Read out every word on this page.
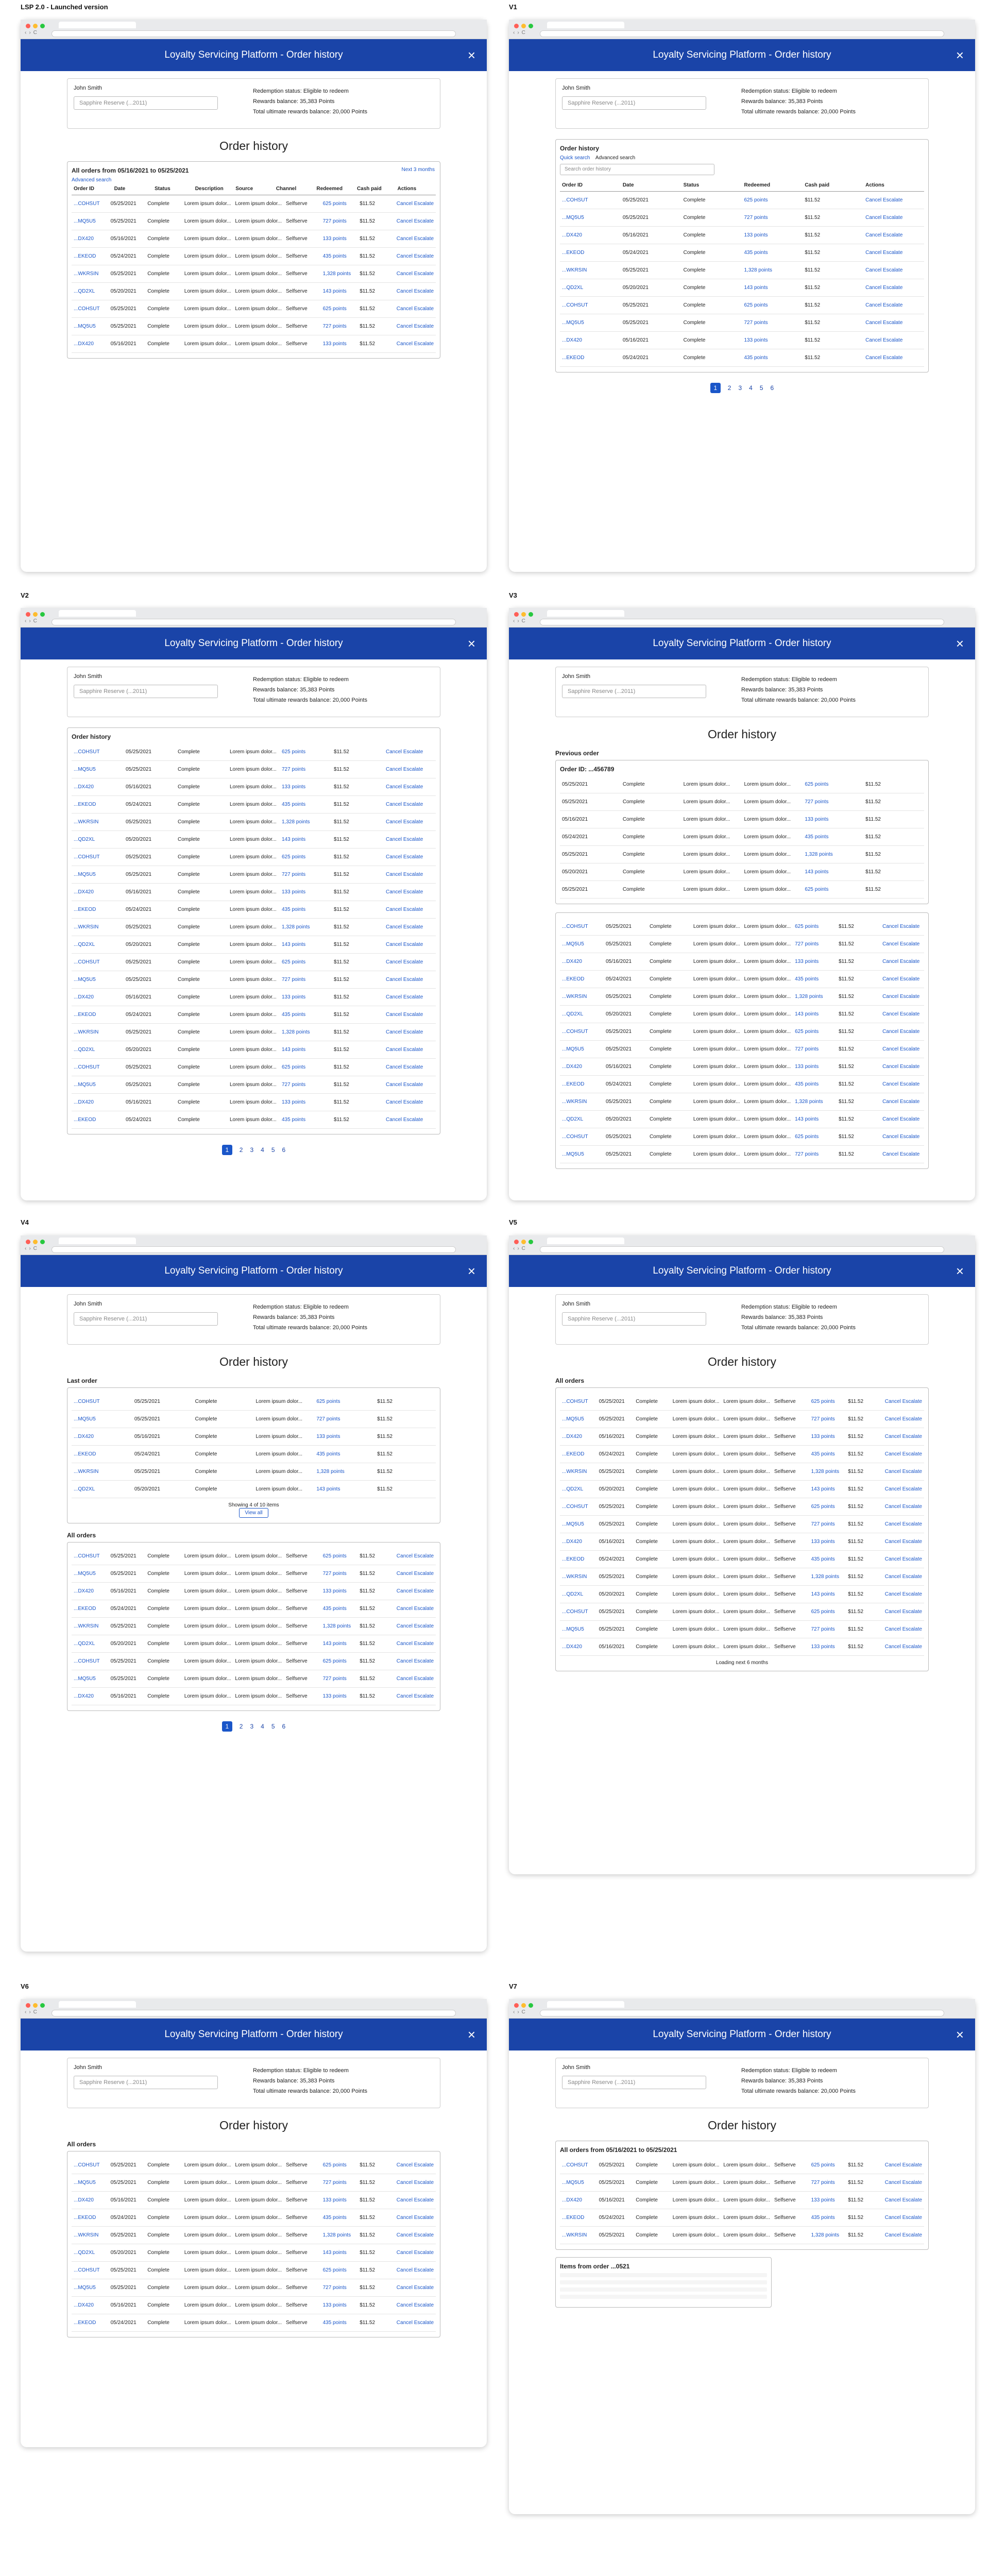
LSP 2.0 - Launched version	V1
V2	V3
V4	V5
V6	V7
‹›C
Loyalty Servicing Platform - Order history	×
John Smith
Sapphire Reserve (...2011)
Redemption status: Eligible to redeem
Rewards balance: 35,383 Points
Total ultimate rewards balance: 20,000 Points
Order history
All orders from 05/16/2021 to 05/25/2021
Advanced search
Next 3 months
Order ID	Date	Status	Description	Source	Channel	Redeemed	Cash paid	Actions
...COHSUT	05/25/2021	Complete	Lorem ipsum dolor... Lorem ipsum dolor... Selfserve	625 points	$11.52	Cancel Escalate
...MQ5U5	05/25/2021	Complete	Lorem ipsum dolor... Lorem ipsum dolor... Selfserve	727 points	$11.52	Cancel Escalate
...DX420	05/16/2021	Complete	Lorem ipsum dolor... Lorem ipsum dolor... Selfserve	133 points	$11.52	Cancel Escalate
...EKEOD	05/24/2021	Complete	Lorem ipsum dolor... Lorem ipsum dolor... Selfserve	435 points	$11.52	Cancel Escalate
...WKRSIN	05/25/2021	Complete	Lorem ipsum dolor... Lorem ipsum dolor... Selfserve	1,328 points	$11.52	Cancel Escalate
...QD2XL	05/20/2021	Complete	Lorem ipsum dolor... Lorem ipsum dolor... Selfserve	143 points	$11.52	Cancel Escalate
...COHSUT	05/25/2021	Complete	Lorem ipsum dolor... Lorem ipsum dolor... Selfserve	625 points	$11.52	Cancel Escalate
...MQ5U5	05/25/2021	Complete	Lorem ipsum dolor... Lorem ipsum dolor... Selfserve	727 points	$11.52	Cancel Escalate
...DX420	05/16/2021	Complete	Lorem ipsum dolor... Lorem ipsum dolor... Selfserve	133 points	$11.52	Cancel Escalate
‹›C
Loyalty Servicing Platform - Order history	×
John Smith
Sapphire Reserve (...2011)
Redemption status: Eligible to redeem
Rewards balance: 35,383 Points
Total ultimate rewards balance: 20,000 Points
Order history
Quick search Advanced search
Search order history
Order ID	Date	Status	Redeemed	Cash paid	Actions
...COHSUT	05/25/2021	Complete	625 points	$11.52	Cancel Escalate
...MQ5U5	05/25/2021	Complete	727 points	$11.52	Cancel Escalate
...DX420	05/16/2021	Complete	133 points	$11.52	Cancel Escalate
...EKEOD	05/24/2021	Complete	435 points	$11.52	Cancel Escalate
...WKRSIN	05/25/2021	Complete	1,328 points	$11.52	Cancel Escalate
...QD2XL	05/20/2021	Complete	143 points	$11.52	Cancel Escalate
...COHSUT	05/25/2021	Complete	625 points	$11.52	Cancel Escalate
...MQ5U5	05/25/2021	Complete	727 points	$11.52	Cancel Escalate
...DX420	05/16/2021	Complete	133 points	$11.52	Cancel Escalate
...EKEOD	05/24/2021	Complete	435 points	$11.52	Cancel Escalate
1	2 3 4 5 6
‹›C
Loyalty Servicing Platform - Order history	×
John Smith
Sapphire Reserve (...2011)
Redemption status: Eligible to redeem
Rewards balance: 35,383 Points
Total ultimate rewards balance: 20,000 Points
Order history
...COHSUT	05/25/2021	Complete	Lorem ipsum dolor...	625 points	$11.52	Cancel Escalate
...MQ5U5	05/25/2021	Complete	Lorem ipsum dolor...	727 points	$11.52	Cancel Escalate
...DX420	05/16/2021	Complete	Lorem ipsum dolor...	133 points	$11.52	Cancel Escalate
...EKEOD	05/24/2021	Complete	Lorem ipsum dolor...	435 points	$11.52	Cancel Escalate
...WKRSIN	05/25/2021	Complete	Lorem ipsum dolor...	1,328 points	$11.52	Cancel Escalate
...QD2XL	05/20/2021	Complete	Lorem ipsum dolor...	143 points	$11.52	Cancel Escalate
...COHSUT	05/25/2021	Complete	Lorem ipsum dolor...	625 points	$11.52	Cancel Escalate
...MQ5U5	05/25/2021	Complete	Lorem ipsum dolor...	727 points	$11.52	Cancel Escalate
...DX420	05/16/2021	Complete	Lorem ipsum dolor...	133 points	$11.52	Cancel Escalate
...EKEOD	05/24/2021	Complete	Lorem ipsum dolor...	435 points	$11.52	Cancel Escalate
...WKRSIN	05/25/2021	Complete	Lorem ipsum dolor...	1,328 points	$11.52	Cancel Escalate
...QD2XL	05/20/2021	Complete	Lorem ipsum dolor...	143 points	$11.52	Cancel Escalate
...COHSUT	05/25/2021	Complete	Lorem ipsum dolor...	625 points	$11.52	Cancel Escalate
...MQ5U5	05/25/2021	Complete	Lorem ipsum dolor...	727 points	$11.52	Cancel Escalate
...DX420	05/16/2021	Complete	Lorem ipsum dolor...	133 points	$11.52	Cancel Escalate
...EKEOD	05/24/2021	Complete	Lorem ipsum dolor...	435 points	$11.52	Cancel Escalate
...WKRSIN	05/25/2021	Complete	Lorem ipsum dolor...	1,328 points	$11.52	Cancel Escalate
...QD2XL	05/20/2021	Complete	Lorem ipsum dolor...	143 points	$11.52	Cancel Escalate
...COHSUT	05/25/2021	Complete	Lorem ipsum dolor...	625 points	$11.52	Cancel Escalate
...MQ5U5	05/25/2021	Complete	Lorem ipsum dolor...	727 points	$11.52	Cancel Escalate
...DX420	05/16/2021	Complete	Lorem ipsum dolor...	133 points	$11.52	Cancel Escalate
...EKEOD	05/24/2021	Complete	Lorem ipsum dolor...	435 points	$11.52	Cancel Escalate
1	2 3 4 5 6
‹›C
Loyalty Servicing Platform - Order history	×
John Smith
Sapphire Reserve (...2011)
Redemption status: Eligible to redeem
Rewards balance: 35,383 Points
Total ultimate rewards balance: 20,000 Points
Order history
Previous order
Order ID: ...456789
05/25/2021	Complete	Lorem ipsum dolor...	Lorem ipsum dolor...	625 points	$11.52
05/25/2021	Complete	Lorem ipsum dolor...	Lorem ipsum dolor...	727 points	$11.52
05/16/2021	Complete	Lorem ipsum dolor...	Lorem ipsum dolor...	133 points	$11.52
05/24/2021	Complete	Lorem ipsum dolor...	Lorem ipsum dolor...	435 points	$11.52
05/25/2021	Complete	Lorem ipsum dolor...	Lorem ipsum dolor...	1,328 points	$11.52
05/20/2021	Complete	Lorem ipsum dolor...	Lorem ipsum dolor...	143 points	$11.52
05/25/2021	Complete	Lorem ipsum dolor...	Lorem ipsum dolor...	625 points	$11.52
...COHSUT	05/25/2021	Complete	Lorem ipsum dolor... Lorem ipsum dolor... 625 points	$11.52	Cancel Escalate
...MQ5U5	05/25/2021	Complete	Lorem ipsum dolor... Lorem ipsum dolor... 727 points	$11.52	Cancel Escalate
...DX420	05/16/2021	Complete	Lorem ipsum dolor... Lorem ipsum dolor... 133 points	$11.52	Cancel Escalate
...EKEOD	05/24/2021	Complete	Lorem ipsum dolor... Lorem ipsum dolor... 435 points	$11.52	Cancel Escalate
...WKRSIN	05/25/2021	Complete	Lorem ipsum dolor... Lorem ipsum dolor... 1,328 points	$11.52	Cancel Escalate
...QD2XL	05/20/2021	Complete	Lorem ipsum dolor... Lorem ipsum dolor... 143 points	$11.52	Cancel Escalate
...COHSUT	05/25/2021	Complete	Lorem ipsum dolor... Lorem ipsum dolor... 625 points	$11.52	Cancel Escalate
...MQ5U5	05/25/2021	Complete	Lorem ipsum dolor... Lorem ipsum dolor... 727 points	$11.52	Cancel Escalate
...DX420	05/16/2021	Complete	Lorem ipsum dolor... Lorem ipsum dolor... 133 points	$11.52	Cancel Escalate
...EKEOD	05/24/2021	Complete	Lorem ipsum dolor... Lorem ipsum dolor... 435 points	$11.52	Cancel Escalate
...WKRSIN	05/25/2021	Complete	Lorem ipsum dolor... Lorem ipsum dolor... 1,328 points	$11.52	Cancel Escalate
...QD2XL	05/20/2021	Complete	Lorem ipsum dolor... Lorem ipsum dolor... 143 points	$11.52	Cancel Escalate
...COHSUT	05/25/2021	Complete	Lorem ipsum dolor... Lorem ipsum dolor... 625 points	$11.52	Cancel Escalate
...MQ5U5	05/25/2021	Complete	Lorem ipsum dolor... Lorem ipsum dolor... 727 points	$11.52	Cancel Escalate
‹›C
Loyalty Servicing Platform - Order history	×
John Smith
Sapphire Reserve (...2011)
Redemption status: Eligible to redeem
Rewards balance: 35,383 Points
Total ultimate rewards balance: 20,000 Points
Order history
Last order
...COHSUT	05/25/2021	Complete	Lorem ipsum dolor...	625 points	$11.52
...MQ5U5	05/25/2021	Complete	Lorem ipsum dolor...	727 points	$11.52
...DX420	05/16/2021	Complete	Lorem ipsum dolor...	133 points	$11.52
...EKEOD	05/24/2021	Complete	Lorem ipsum dolor...	435 points	$11.52
...WKRSIN	05/25/2021	Complete	Lorem ipsum dolor...	1,328 points	$11.52
...QD2XL	05/20/2021	Complete	Lorem ipsum dolor...	143 points	$11.52
Showing 4 of 10 items
View all
All orders
...COHSUT	05/25/2021	Complete	Lorem ipsum dolor... Lorem ipsum dolor... Selfserve	625 points	$11.52	Cancel Escalate
...MQ5U5	05/25/2021	Complete	Lorem ipsum dolor... Lorem ipsum dolor... Selfserve	727 points	$11.52	Cancel Escalate
...DX420	05/16/2021	Complete	Lorem ipsum dolor... Lorem ipsum dolor... Selfserve	133 points	$11.52	Cancel Escalate
...EKEOD	05/24/2021	Complete	Lorem ipsum dolor... Lorem ipsum dolor... Selfserve	435 points	$11.52	Cancel Escalate
...WKRSIN	05/25/2021	Complete	Lorem ipsum dolor... Lorem ipsum dolor... Selfserve	1,328 points	$11.52	Cancel Escalate
...QD2XL	05/20/2021	Complete	Lorem ipsum dolor... Lorem ipsum dolor... Selfserve	143 points	$11.52	Cancel Escalate
...COHSUT	05/25/2021	Complete	Lorem ipsum dolor... Lorem ipsum dolor... Selfserve	625 points	$11.52	Cancel Escalate
...MQ5U5	05/25/2021	Complete	Lorem ipsum dolor... Lorem ipsum dolor... Selfserve	727 points	$11.52	Cancel Escalate
...DX420	05/16/2021	Complete	Lorem ipsum dolor... Lorem ipsum dolor... Selfserve	133 points	$11.52	Cancel Escalate
1	2 3 4 5 6
‹›C
Loyalty Servicing Platform - Order history	×
John Smith
Sapphire Reserve (...2011)
Redemption status: Eligible to redeem
Rewards balance: 35,383 Points
Total ultimate rewards balance: 20,000 Points
Order history
All orders
...COHSUT	05/25/2021	Complete	Lorem ipsum dolor... Lorem ipsum dolor... Selfserve	625 points	$11.52	Cancel Escalate
...MQ5U5	05/25/2021	Complete	Lorem ipsum dolor... Lorem ipsum dolor... Selfserve	727 points	$11.52	Cancel Escalate
...DX420	05/16/2021	Complete	Lorem ipsum dolor... Lorem ipsum dolor... Selfserve	133 points	$11.52	Cancel Escalate
...EKEOD	05/24/2021	Complete	Lorem ipsum dolor... Lorem ipsum dolor... Selfserve	435 points	$11.52	Cancel Escalate
...WKRSIN	05/25/2021	Complete	Lorem ipsum dolor... Lorem ipsum dolor... Selfserve	1,328 points	$11.52	Cancel Escalate
...QD2XL	05/20/2021	Complete	Lorem ipsum dolor... Lorem ipsum dolor... Selfserve	143 points	$11.52	Cancel Escalate
...COHSUT	05/25/2021	Complete	Lorem ipsum dolor... Lorem ipsum dolor... Selfserve	625 points	$11.52	Cancel Escalate
...MQ5U5	05/25/2021	Complete	Lorem ipsum dolor... Lorem ipsum dolor... Selfserve	727 points	$11.52	Cancel Escalate
...DX420	05/16/2021	Complete	Lorem ipsum dolor... Lorem ipsum dolor... Selfserve	133 points	$11.52	Cancel Escalate
...EKEOD	05/24/2021	Complete	Lorem ipsum dolor... Lorem ipsum dolor... Selfserve	435 points	$11.52	Cancel Escalate
...WKRSIN	05/25/2021	Complete	Lorem ipsum dolor... Lorem ipsum dolor... Selfserve	1,328 points	$11.52	Cancel Escalate
...QD2XL	05/20/2021	Complete	Lorem ipsum dolor... Lorem ipsum dolor... Selfserve	143 points	$11.52	Cancel Escalate
...COHSUT	05/25/2021	Complete	Lorem ipsum dolor... Lorem ipsum dolor... Selfserve	625 points	$11.52	Cancel Escalate
...MQ5U5	05/25/2021	Complete	Lorem ipsum dolor... Lorem ipsum dolor... Selfserve	727 points	$11.52	Cancel Escalate
...DX420	05/16/2021	Complete	Lorem ipsum dolor... Lorem ipsum dolor... Selfserve	133 points	$11.52	Cancel Escalate
Loading next 6 months
‹›C
Loyalty Servicing Platform - Order history	×
John Smith
Sapphire Reserve (...2011)
Redemption status: Eligible to redeem
Rewards balance: 35,383 Points
Total ultimate rewards balance: 20,000 Points
Order history
All orders
...COHSUT	05/25/2021	Complete	Lorem ipsum dolor... Lorem ipsum dolor... Selfserve	625 points	$11.52	Cancel Escalate
...MQ5U5	05/25/2021	Complete	Lorem ipsum dolor... Lorem ipsum dolor... Selfserve	727 points	$11.52	Cancel Escalate
...DX420	05/16/2021	Complete	Lorem ipsum dolor... Lorem ipsum dolor... Selfserve	133 points	$11.52	Cancel Escalate
...EKEOD	05/24/2021	Complete	Lorem ipsum dolor... Lorem ipsum dolor... Selfserve	435 points	$11.52	Cancel Escalate
...WKRSIN	05/25/2021	Complete	Lorem ipsum dolor... Lorem ipsum dolor... Selfserve	1,328 points	$11.52	Cancel Escalate
...QD2XL	05/20/2021	Complete	Lorem ipsum dolor... Lorem ipsum dolor... Selfserve	143 points	$11.52	Cancel Escalate
...COHSUT	05/25/2021	Complete	Lorem ipsum dolor... Lorem ipsum dolor... Selfserve	625 points	$11.52	Cancel Escalate
...MQ5U5	05/25/2021	Complete	Lorem ipsum dolor... Lorem ipsum dolor... Selfserve	727 points	$11.52	Cancel Escalate
...DX420	05/16/2021	Complete	Lorem ipsum dolor... Lorem ipsum dolor... Selfserve	133 points	$11.52	Cancel Escalate
...EKEOD	05/24/2021	Complete	Lorem ipsum dolor... Lorem ipsum dolor... Selfserve	435 points	$11.52	Cancel Escalate
‹›C
Loyalty Servicing Platform - Order history	×
John Smith
Sapphire Reserve (...2011)
Redemption status: Eligible to redeem
Rewards balance: 35,383 Points
Total ultimate rewards balance: 20,000 Points
Order history
All orders from 05/16/2021 to 05/25/2021
...COHSUT	05/25/2021	Complete	Lorem ipsum dolor... Lorem ipsum dolor... Selfserve	625 points	$11.52	Cancel Escalate
...MQ5U5	05/25/2021	Complete	Lorem ipsum dolor... Lorem ipsum dolor... Selfserve	727 points	$11.52	Cancel Escalate
...DX420	05/16/2021	Complete	Lorem ipsum dolor... Lorem ipsum dolor... Selfserve	133 points	$11.52	Cancel Escalate
...EKEOD	05/24/2021	Complete	Lorem ipsum dolor... Lorem ipsum dolor... Selfserve	435 points	$11.52	Cancel Escalate
...WKRSIN	05/25/2021	Complete	Lorem ipsum dolor... Lorem ipsum dolor... Selfserve	1,328 points	$11.52	Cancel Escalate
Items from order ...0521
